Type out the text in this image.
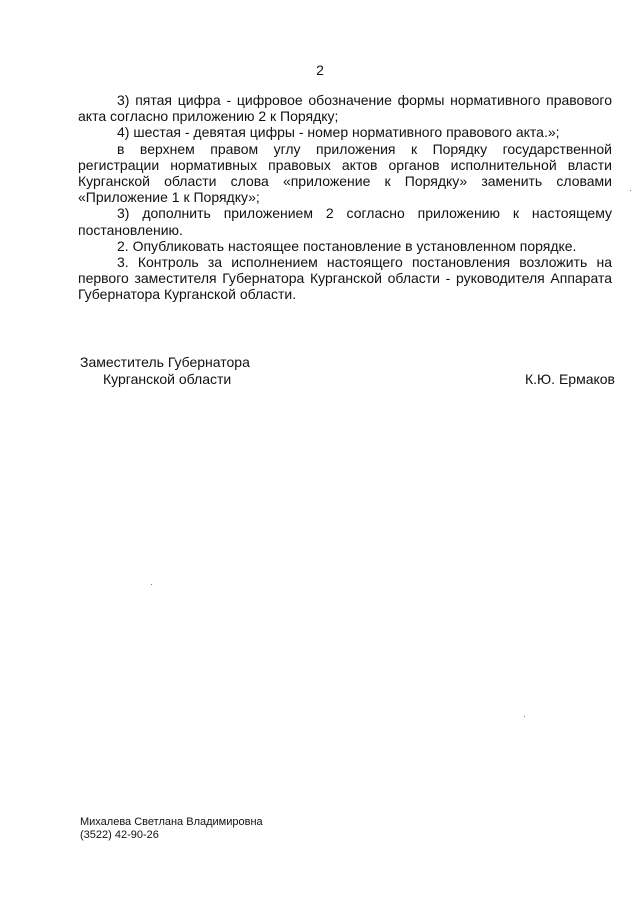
2

3) пятая цифра - цифровое обозначение формы нормативного правового акта согласно приложению 2 к Порядку;

4) шестая - девятая цифры - номер нормативного правового акта.»;

в верхнем правом углу приложения к Порядку государственной регистрации нормативных правовых актов органов исполнительной власти Курганской области слова «приложение к Порядку» заменить словами «Приложение 1 к Порядку»;

3) дополнить приложением 2 согласно приложению к настоящему постановлению.

2. Опубликовать настоящее постановление в установленном порядке.

3. Контроль за исполнением настоящего постановления возложить на первого заместителя Губернатора Курганской области - руководителя Аппарата Губернатора Курганской области.

Заместитель Губернатора
Курганской области	К.Ю. Ермаков
Михалева Светлана Владимировна
(3522) 42-90-26
